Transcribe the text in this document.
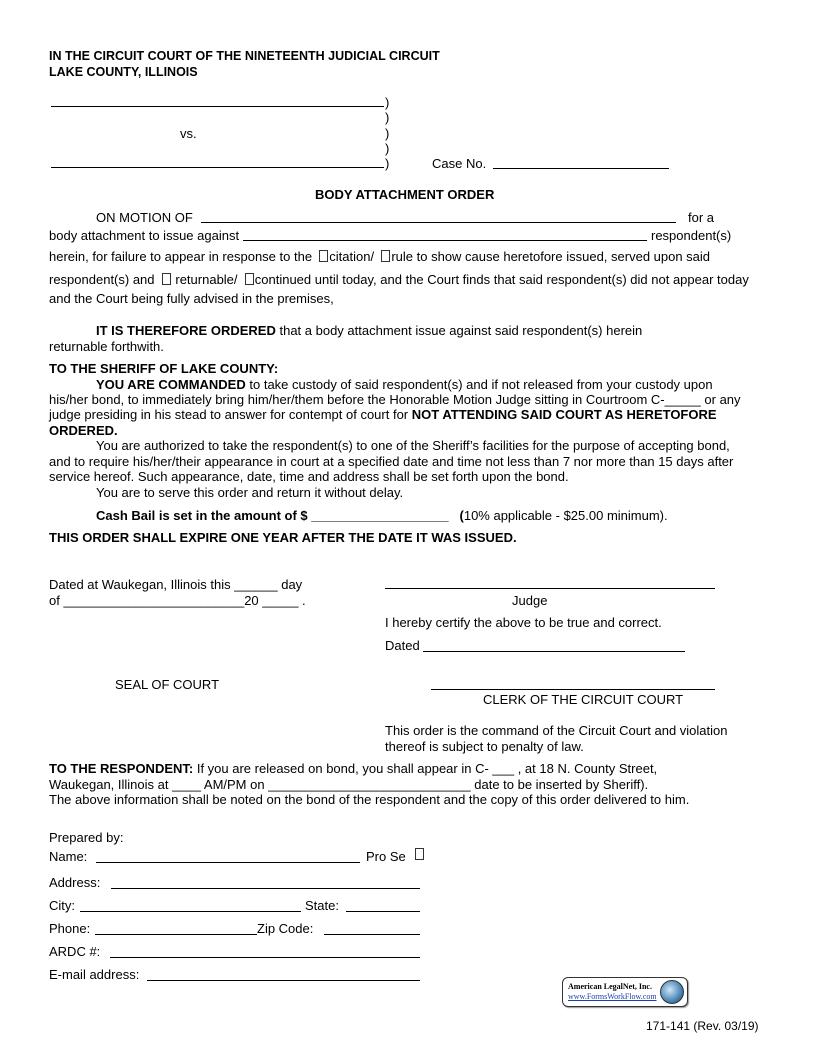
IN THE CIRCUIT COURT OF THE NINETEENTH JUDICIAL CIRCUIT
LAKE COUNTY, ILLINOIS
)
)
)
)
)
vs.
Case No.
BODY ATTACHMENT ORDER
ON MOTION OF	for a
body attachment to issue against	respondent(s)
herein, for failure to appear in response to the citation/ rule to show cause heretofore issued, served upon said
respondent(s) and returnable/ continued until today, and the Court finds that said respondent(s) did not appear today
and the Court being fully advised in the premises,
IT IS THEREFORE ORDERED that a body attachment issue against said respondent(s) herein
returnable forthwith.
TO THE SHERIFF OF LAKE COUNTY:
YOU ARE COMMANDED to take custody of said respondent(s) and if not released from your custody upon
his/her bond, to immediately bring him/her/them before the Honorable Motion Judge sitting in Courtroom C-_____ or any
judge presiding in his stead to answer for contempt of court for NOT ATTENDING SAID COURT AS HERETOFORE
ORDERED.
You are authorized to take the respondent(s) to one of the Sheriff’s facilities for the purpose of accepting bond,
and to require his/her/their appearance in court at a specified date and time not less than 7 nor more than 15 days after
service hereof. Such appearance, date, time and address shall be set forth upon the bond.
You are to serve this order and return it without delay.
Cash Bail is set in the amount of $ ___________________ (10% applicable - $25.00 minimum).
THIS ORDER SHALL EXPIRE ONE YEAR AFTER THE DATE IT WAS ISSUED.
Dated at Waukegan, Illinois this ______ day
of _________________________20 _____ .	Judge
I hereby certify the above to be true and correct.
Dated
SEAL OF COURT
CLERK OF THE CIRCUIT COURT
This order is the command of the Circuit Court and violation
thereof is subject to penalty of law.
TO THE RESPONDENT: If you are released on bond, you shall appear in C- ___ , at 18 N. County Street,
Waukegan, Illinois at ____ AM/PM on ____________________________ date to be inserted by Sheriff).
The above information shall be noted on the bond of the respondent and the copy of this order delivered to him.
Prepared by:
Name:	Pro Se
Address:
City:	State:
Phone:	Zip Code:
ARDC #:
E-mail address:
American LegalNet, Inc.
www.FormsWorkFlow.com
171-141 (Rev. 03/19)
